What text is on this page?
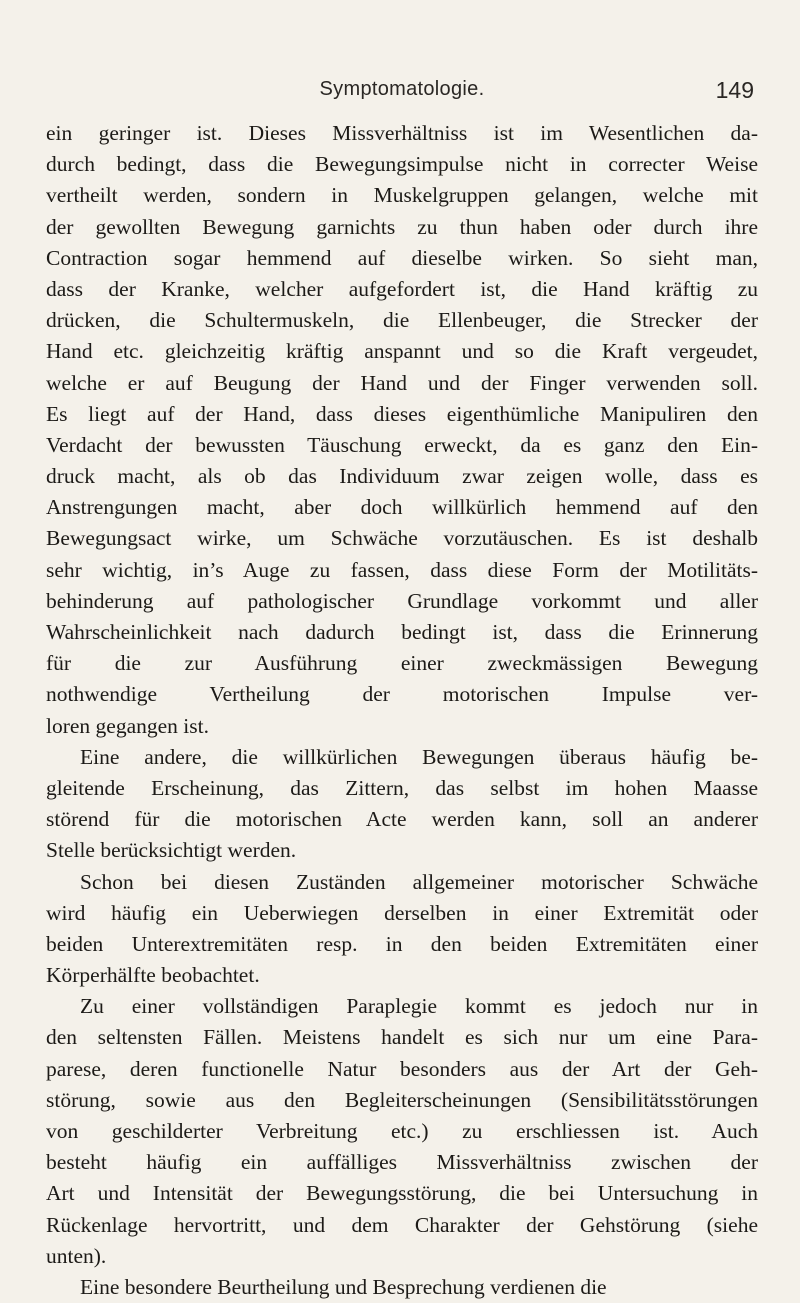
Symptomatologie.	149
ein geringer ist. Dieses Missverhältniss ist im Wesentlichen da-
durch bedingt, dass die Bewegungsimpulse nicht in correcter Weise
vertheilt werden, sondern in Muskelgruppen gelangen, welche mit
der gewollten Bewegung garnichts zu thun haben oder durch ihre
Contraction sogar hemmend auf dieselbe wirken. So sieht man,
dass der Kranke, welcher aufgefordert ist, die Hand kräftig zu
drücken, die Schultermuskeln, die Ellenbeuger, die Strecker der
Hand etc. gleichzeitig kräftig anspannt und so die Kraft vergeudet,
welche er auf Beugung der Hand und der Finger verwenden soll.
Es liegt auf der Hand, dass dieses eigenthümliche Manipuliren den
Verdacht der bewussten Täuschung erweckt, da es ganz den Ein-
druck macht, als ob das Individuum zwar zeigen wolle, dass es
Anstrengungen macht, aber doch willkürlich hemmend auf den
Bewegungsact wirke, um Schwäche vorzutäuschen. Es ist deshalb
sehr wichtig, in’s Auge zu fassen, dass diese Form der Motilitäts-
behinderung auf pathologischer Grundlage vorkommt und aller
Wahrscheinlichkeit nach dadurch bedingt ist, dass die Erinnerung
für die zur Ausführung einer zweckmässigen Bewegung
nothwendige Vertheilung der motorischen Impulse ver-
loren gegangen ist.
Eine andere, die willkürlichen Bewegungen überaus häufig be-
gleitende Erscheinung, das Zittern, das selbst im hohen Maasse
störend für die motorischen Acte werden kann, soll an anderer
Stelle berücksichtigt werden.
Schon bei diesen Zuständen allgemeiner motorischer Schwäche
wird häufig ein Ueberwiegen derselben in einer Extremität oder
beiden Unterextremitäten resp. in den beiden Extremitäten einer
Körperhälfte beobachtet.
Zu einer vollständigen Paraplegie kommt es jedoch nur in
den seltensten Fällen. Meistens handelt es sich nur um eine Para-
parese, deren functionelle Natur besonders aus der Art der Geh-
störung, sowie aus den Begleiterscheinungen (Sensibilitätsstörungen
von geschilderter Verbreitung etc.) zu erschliessen ist. Auch
besteht häufig ein auffälliges Missverhältniss zwischen der
Art und Intensität der Bewegungsstörung, die bei Untersuchung in
Rückenlage hervortritt, und dem Charakter der Gehstörung (siehe
unten).
Eine besondere Beurtheilung und Besprechung verdienen die
